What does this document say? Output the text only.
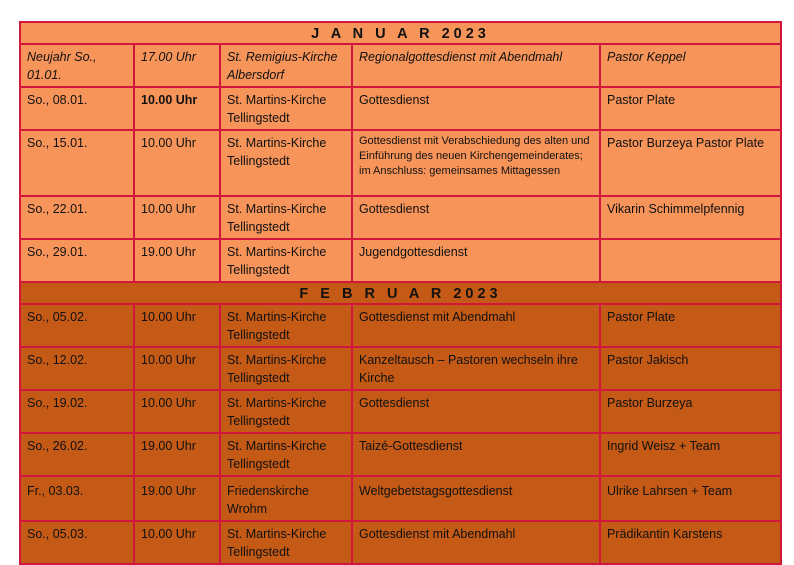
J A N U A R 2023				
Neujahr So., 01.01.	17.00 Uhr	St. Remigius-Kirche Albersdorf	Regionalgottesdienst mit Abendmahl	Pastor Keppel
So., 08.01.	10.00 Uhr	St. Martins-Kirche Tellingstedt	Gottesdienst	Pastor Plate
So., 15.01.	10.00 Uhr	St. Martins-Kirche Tellingstedt	Gottesdienst mit Verabschiedung des alten und Einführung des neuen Kirchengemeinderates; im Anschluss: gemeinsames Mittagessen	Pastor Burzeya Pastor Plate
So., 22.01.	10.00 Uhr	St. Martins-Kirche Tellingstedt	Gottesdienst	Vikarin Schimmelpfennig
So., 29.01.	19.00 Uhr	St. Martins-Kirche Tellingstedt	Jugendgottesdienst	
F E B R U A R 2023				
So., 05.02.	10.00 Uhr	St. Martins-Kirche Tellingstedt	Gottesdienst mit Abendmahl	Pastor Plate
So., 12.02.	10.00 Uhr	St. Martins-Kirche Tellingstedt	Kanzeltausch – Pastoren wechseln ihre Kirche	Pastor Jakisch
So., 19.02.	10.00 Uhr	St. Martins-Kirche Tellingstedt	Gottesdienst	Pastor Burzeya
So., 26.02.	19.00 Uhr	St. Martins-Kirche Tellingstedt	Taizé-Gottesdienst	Ingrid Weisz + Team
Fr., 03.03.	19.00 Uhr	Friedenskirche Wrohm	Weltgebetstagsgottesdienst	Ulrike Lahrsen + Team
So., 05.03.	10.00 Uhr	St. Martins-Kirche Tellingstedt	Gottesdienst mit Abendmahl	Prädikantin Karstens
